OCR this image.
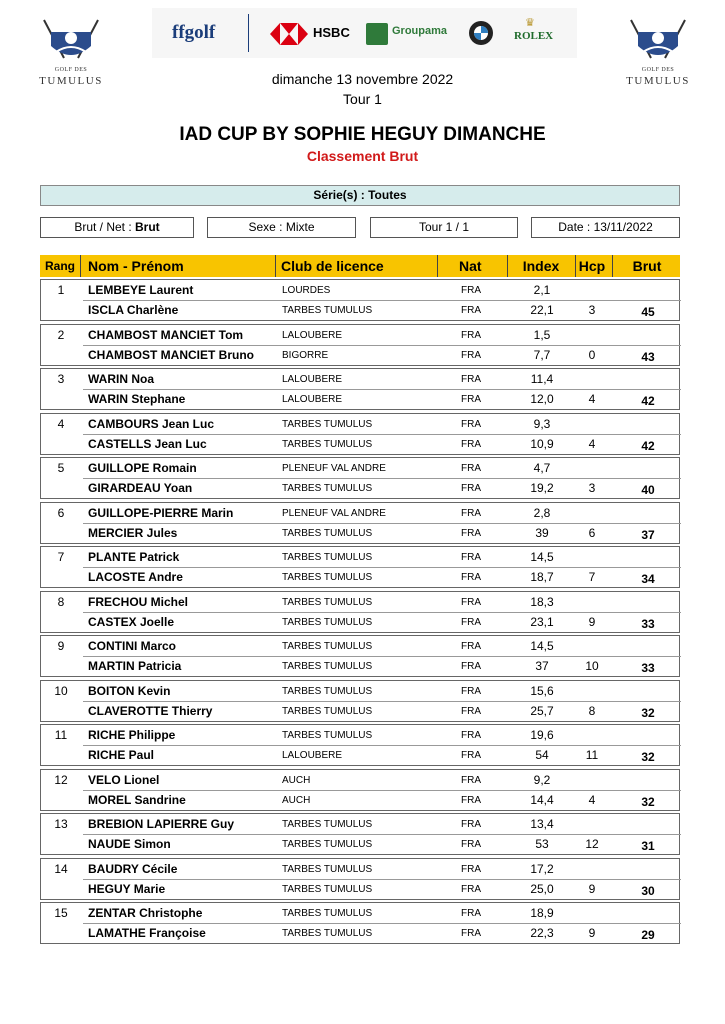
GOLF DES
TUMULUS
GOLF DES
TUMULUS
ffgolf	HSBC	Groupama
♛
ROLEX
dimanche 13 novembre 2022
Tour 1
IAD CUP BY SOPHIE HEGUY DIMANCHE
Classement Brut
Série(s) : Toutes
Brut / Net : Brut	Sexe : Mixte	Tour 1 / 1	Date : 13/11/2022
Rang Nom - Prénom	Club de licence	Nat	Index	Hcp	Brut
1	LEMBEYE Laurent	LOURDES	FRA	2,1
ISCLA Charlène	TARBES TUMULUS	FRA	22,1	3	45
2	CHAMBOST MANCIET Tom	LALOUBERE	FRA	1,5
CHAMBOST MANCIET Bruno	BIGORRE	FRA	7,7	0	43
3	WARIN Noa	LALOUBERE	FRA	11,4
WARIN Stephane	LALOUBERE	FRA	12,0	4	42
4	CAMBOURS Jean Luc	TARBES TUMULUS	FRA	9,3
CASTELLS Jean Luc	TARBES TUMULUS	FRA	10,9	4	42
5	GUILLOPE Romain	PLENEUF VAL ANDRE	FRA	4,7
GIRARDEAU Yoan	TARBES TUMULUS	FRA	19,2	3	40
6	GUILLOPE-PIERRE Marin	PLENEUF VAL ANDRE	FRA	2,8
MERCIER Jules	TARBES TUMULUS	FRA	39	6	37
7	PLANTE Patrick	TARBES TUMULUS	FRA	14,5
LACOSTE Andre	TARBES TUMULUS	FRA	18,7	7	34
8	FRECHOU Michel	TARBES TUMULUS	FRA	18,3
CASTEX Joelle	TARBES TUMULUS	FRA	23,1	9	33
9	CONTINI Marco	TARBES TUMULUS	FRA	14,5
MARTIN Patricia	TARBES TUMULUS	FRA	37	10	33
10	BOITON Kevin	TARBES TUMULUS	FRA	15,6
CLAVEROTTE Thierry	TARBES TUMULUS	FRA	25,7	8	32
11	RICHE Philippe	TARBES TUMULUS	FRA	19,6
RICHE Paul	LALOUBERE	FRA	54	11	32
12	VELO Lionel	AUCH	FRA	9,2
MOREL Sandrine	AUCH	FRA	14,4	4	32
13	BREBION LAPIERRE Guy	TARBES TUMULUS	FRA	13,4
NAUDE Simon	TARBES TUMULUS	FRA	53	12	31
14	BAUDRY Cécile	TARBES TUMULUS	FRA	17,2
HEGUY Marie	TARBES TUMULUS	FRA	25,0	9	30
15	ZENTAR Christophe	TARBES TUMULUS	FRA	18,9
LAMATHE Françoise	TARBES TUMULUS	FRA	22,3	9	29
